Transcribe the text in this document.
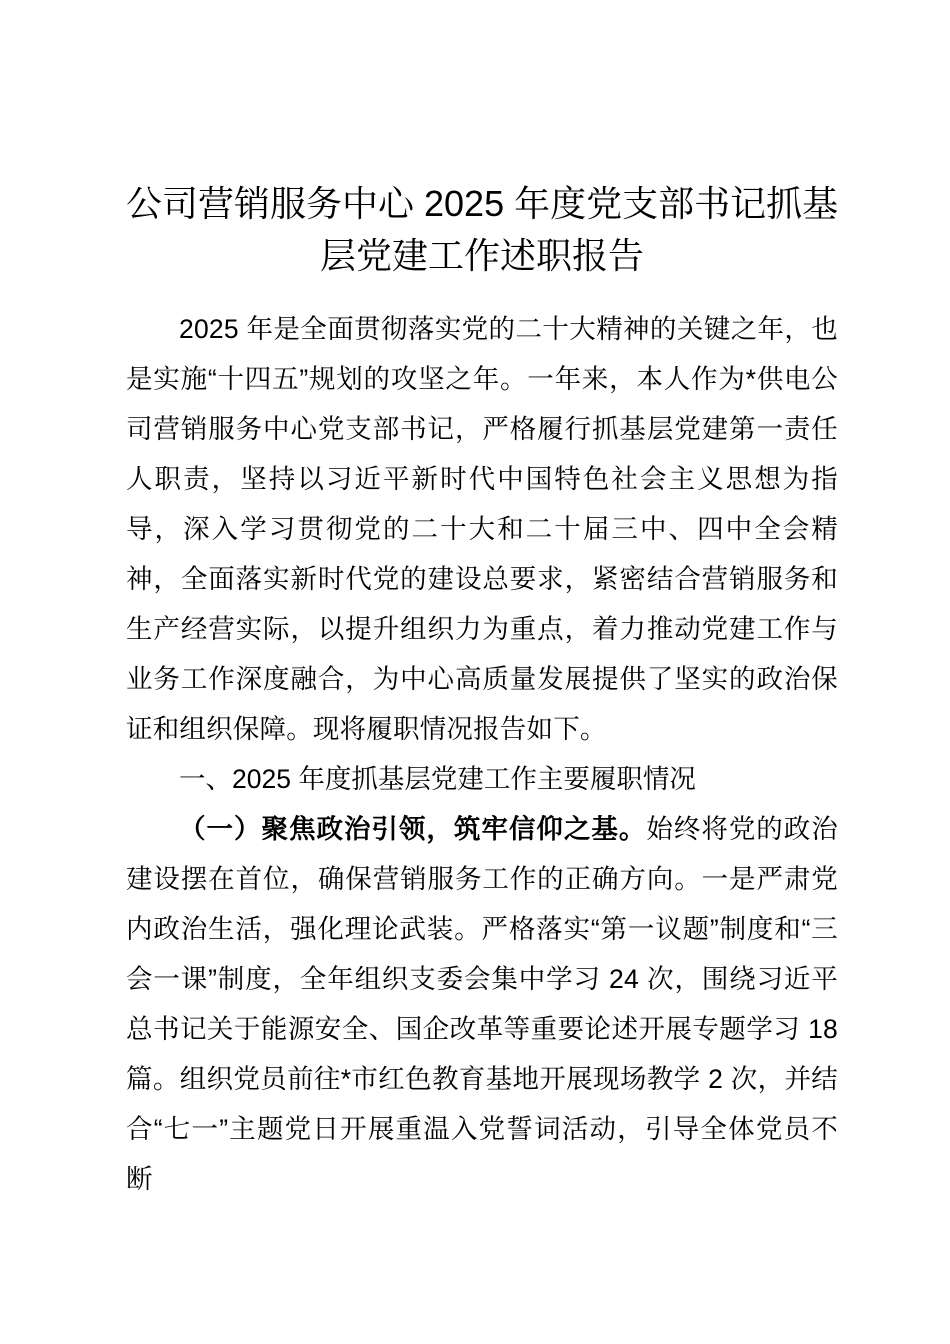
公司营销服务中心 2025 年度党支部书记抓基
层党建工作述职报告

2025 年是全面贯彻落实党的二十大精神的关键之年，也是实施“十四五”规划的攻坚之年。一年来，本人作为*供电公司营销服务中心党支部书记，严格履行抓基层党建第一责任人职责，坚持以习近平新时代中国特色社会主义思想为指导，深入学习贯彻党的二十大和二十届三中、四中全会精神，全面落实新时代党的建设总要求，紧密结合营销服务和生产经营实际，以提升组织力为重点，着力推动党建工作与业务工作深度融合，为中心高质量发展提供了坚实的政治保证和组织保障。现将履职情况报告如下。

一、2025 年度抓基层党建工作主要履职情况

（一）聚焦政治引领，筑牢信仰之基。始终将党的政治建设摆在首位，确保营销服务工作的正确方向。一是严肃党内政治生活，强化理论武装。严格落实“第一议题”制度和“三会一课”制度，全年组织支委会集中学习 24 次，围绕习近平总书记关于能源安全、国企改革等重要论述开展专题学习 18 篇。组织党员前往*市红色教育基地开展现场教学 2 次，并结合“七一”主题党日开展重温入党誓词活动，引导全体党员不断
